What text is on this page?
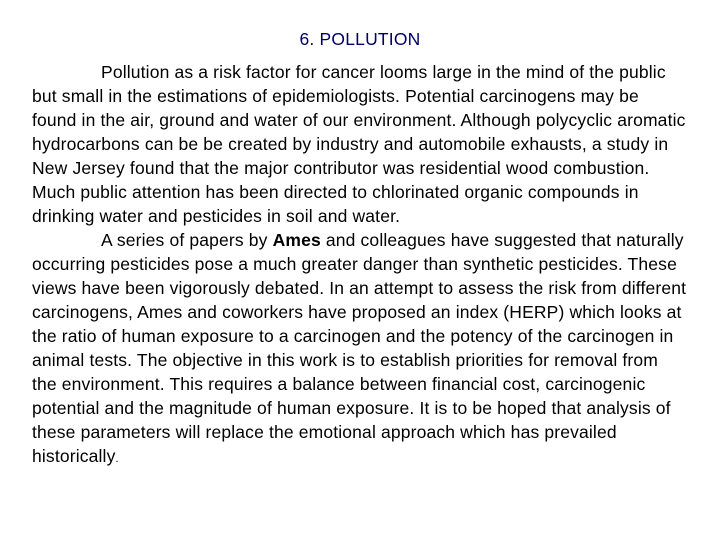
6. POLLUTION

Pollution as a risk factor for cancer looms large in the mind of the public but small in the estimations of epidemiologists. Potential carcinogens may be found in the air, ground and water of our environment. Although polycyclic aromatic hydrocarbons can be be created by industry and automobile exhausts, a study in New Jersey found that the major contributor was residential wood combustion. Much public attention has been directed to chlorinated organic compounds in drinking water and pesticides in soil and water.

A series of papers by Ames and colleagues have suggested that naturally occurring pesticides pose a much greater danger than synthetic pesticides. These views have been vigorously debated. In an attempt to assess the risk from different carcinogens, Ames and coworkers have proposed an index (HERP) which looks at the ratio of human exposure to a carcinogen and the potency of the carcinogen in animal tests. The objective in this work is to establish priorities for removal from the environment. This requires a balance between financial cost, carcinogenic potential and the magnitude of human exposure. It is to be hoped that analysis of these parameters will replace the emotional approach which has prevailed historically.
